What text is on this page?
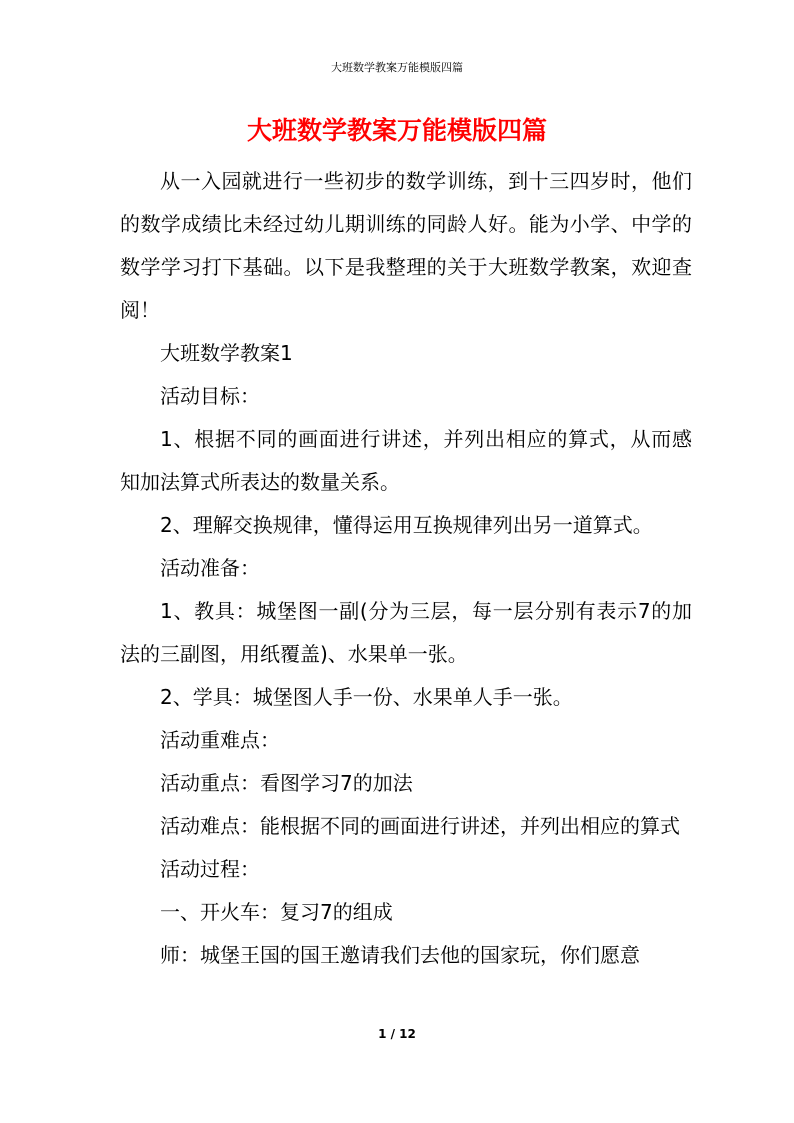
大班数学教案万能模版四篇
大班数学教案万能模版四篇

从一入园就进行一些初步的数学训练，到十三四岁时，他们的数学成绩比未经过幼儿期训练的同龄人好。能为小学、中学的数学学习打下基础。以下是我整理的关于大班数学教案，欢迎查阅！

大班数学教案1

活动目标：

1、根据不同的画面进行讲述，并列出相应的算式，从而感知加法算式所表达的数量关系。

2、理解交换规律，懂得运用互换规律列出另一道算式。

活动准备：

1、教具：城堡图一副(分为三层，每一层分别有表示7的加法的三副图，用纸覆盖)、水果单一张。

2、学具：城堡图人手一份、水果单人手一张。

活动重难点：

活动重点：看图学习7的加法

活动难点：能根据不同的画面进行讲述，并列出相应的算式

活动过程：

一、开火车：复习7的组成

师：城堡王国的国王邀请我们去他的国家玩，你们愿意

1 / 12
